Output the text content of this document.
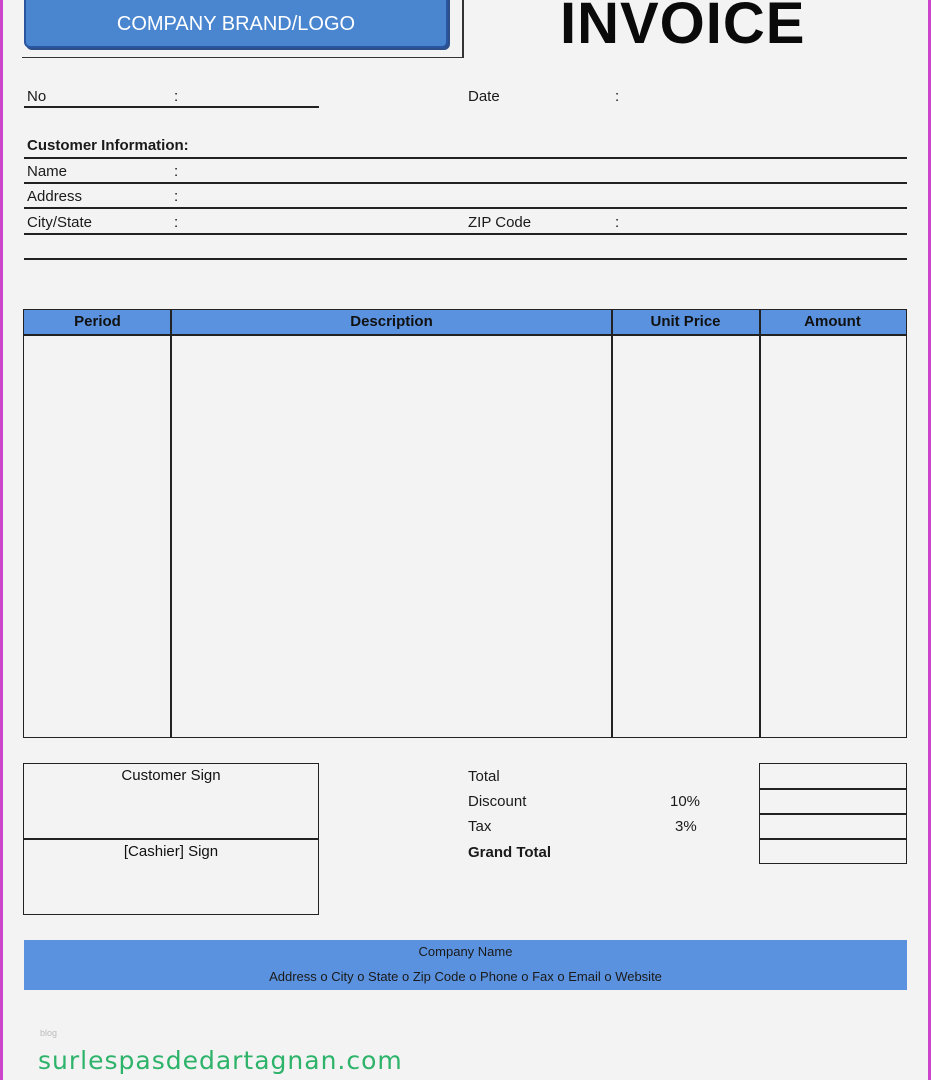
COMPANY BRAND/LOGO	INVOICE
No	:	Date	:
Customer Information:
Name	:
Address	:
City/State	:	ZIP Code	:
Period	Description	Unit Price	Amount
Customer Sign
[Cashier] Sign
Total
Discount	10%
Tax	3%
Grand Total
Company Name
Address o City o State o Zip Code o Phone o Fax o Email o Website
blog
surlespasdedartagnan.com
